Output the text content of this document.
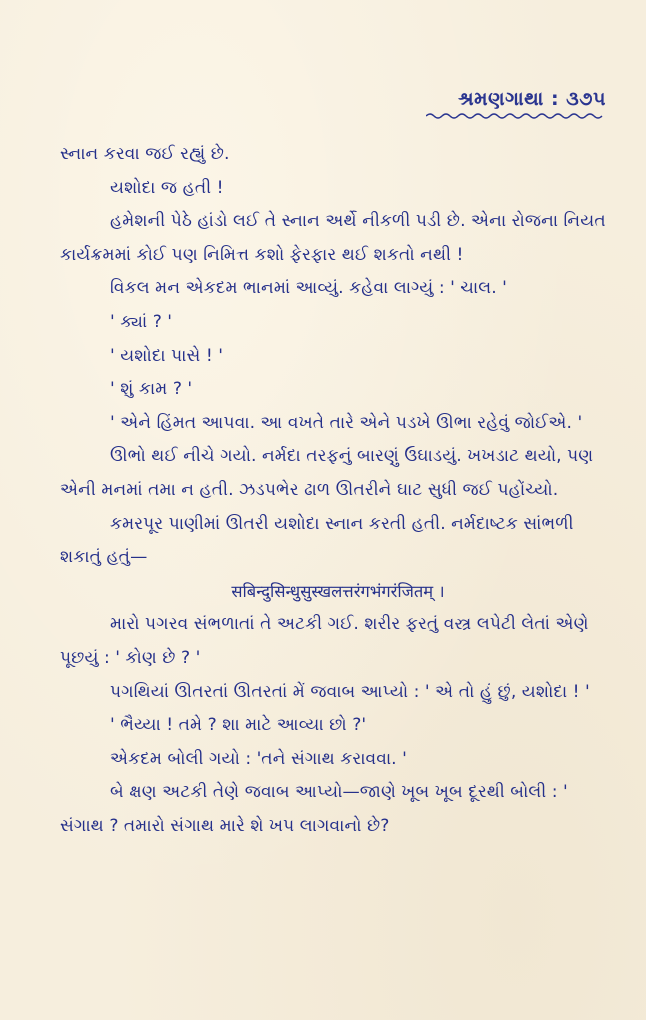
શ્રમણગાથા : ૩૭૫

સ્નાન કરવા જઈ રહ્યું છે.

યશોદા જ હતી !

હમેશની પેઠે હાંડો લઈ તે સ્નાન અર્થે નીકળી પડી છે. એના રોજના નિયત કાર્યક્રમમાં કોઈ પણ નિમિત્ત કશો ફેરફાર થઈ શકતો નથી !

વિકલ મન એકદમ ભાનમાં આવ્યું. કહેવા લાગ્યું : ' ચાલ. '

' ક્યાં ? '

' યશોદા પાસે ! '

' શું કામ ? '

' એને હિંમત આપવા. આ વખતે તારે એને પડખે ઊભા રહેવું જોઈએ. '

ઊભો થઈ નીચે ગયો. નર્મદા તરફનું બારણું ઉઘાડયું. ખખડાટ થયો, પણ એની મનમાં તમા ન હતી. ઝડપભેર ઢાળ ઊતરીને ઘાટ સુધી જઈ પહોંચ્યો.

કમરપૂર પાણીમાં ઊતરી યશોદા સ્નાન કરતી હતી. નર્મદાષ્ટક સાંભળી શકાતું હતું—

सबिन्दुसिन्धुसुस्खलत्तरंगभंगरंजितम् ।

મારો પગરવ સંભળાતાં તે અટકી ગઈ. શરીર ફરતું વસ્ત્ર લપેટી લેતાં એણે પૂછયું : ' કોણ છે ? '

પગથિયાં ઊતરતાં ઊતરતાં મેં જવાબ આપ્યો : ' એ તો હું છું, યશોદા ! '

' ભૈય્યા ! તમે ? શા માટે આવ્યા છો ?'

એકદમ બોલી ગયો : 'તને સંગાથ કરાવવા. '

બે ક્ષણ અટકી તેણે જવાબ આપ્યો—જાણે ખૂબ ખૂબ દૂરથી બોલી : ' સંગાથ ? તમારો સંગાથ મારે શે ખપ લાગવાનો છે?
